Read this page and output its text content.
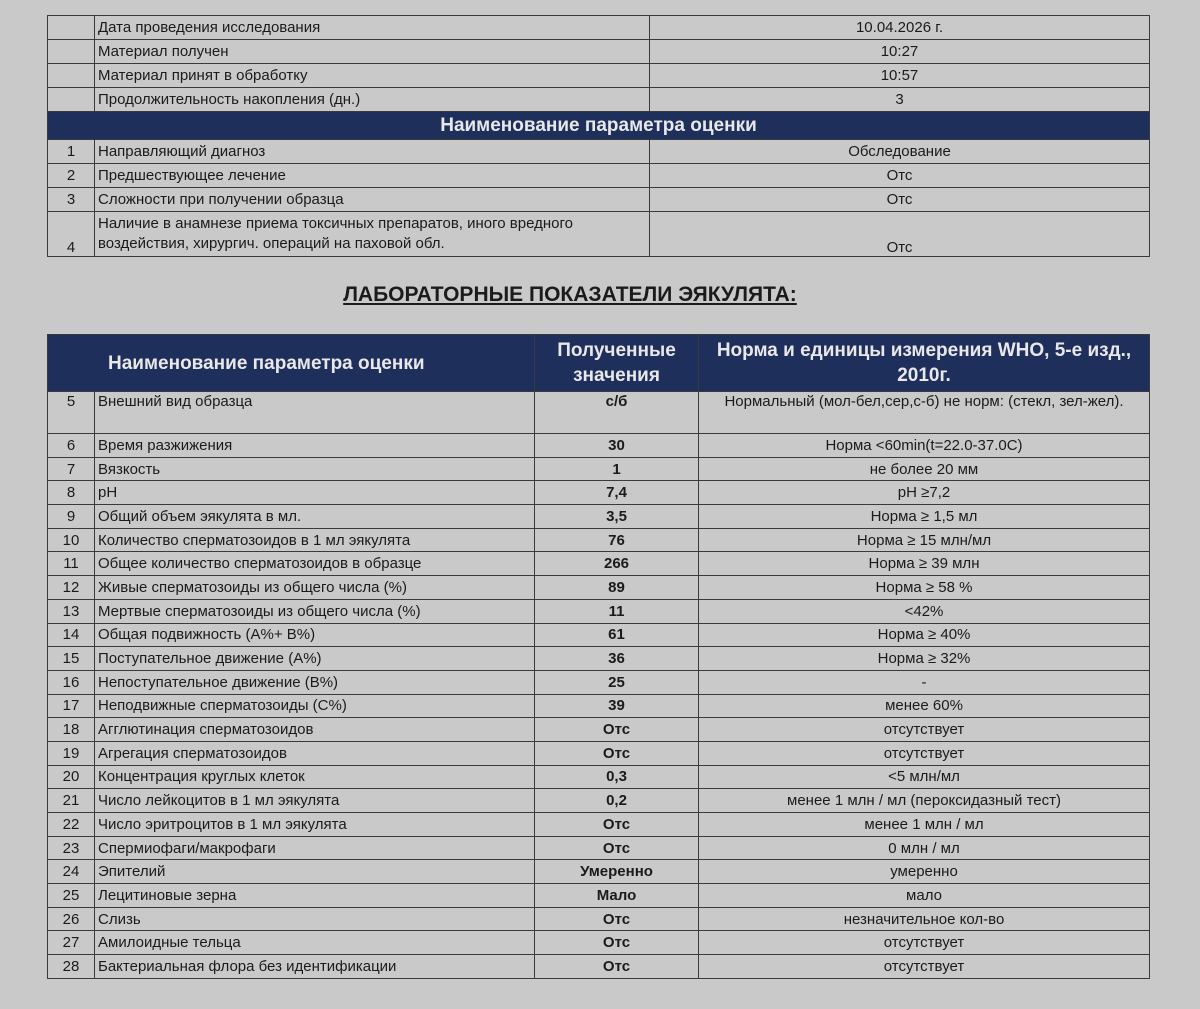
	Дата проведения исследования	10.04.2026 г.
	Материал получен	10:27
	Материал принят в обработку	10:57
	Продолжительность накопления (дн.)	3
Наименование параметра оценки		
1	Направляющий диагноз	Обследование
2	Предшествующее лечение	Отс
3	Сложности при получении образца	Отс
4	Наличие в анамнезе приема токсичных препаратов, иного вредного воздействия, хирургич. операций на паховой обл.	Отс
ЛАБОРАТОРНЫЕ ПОКАЗАТЕЛИ ЭЯКУЛЯТА:
Наименование параметра оценки		Полученные значения	Норма и единицы измерения WHO, 5-е изд., 2010г.
5	Внешний вид образца	с/б	Нормальный (мол-бел,сер,с-б) не норм: (стекл, зел-жел).
6	Время разжижения	30	Норма <60min(t=22.0-37.0C)
7	Вязкость	1	не более 20 мм
8	pH	7,4	pH ≥7,2
9	Общий объем эякулята в мл.	3,5	Норма ≥ 1,5 мл
10	Количество сперматозоидов в 1 мл эякулята	76	Норма ≥ 15 млн/мл
11	Общее количество сперматозоидов в образце	266	Норма ≥ 39 млн
12	Живые сперматозоиды из общего числа (%)	89	Норма ≥ 58 %
13	Мертвые сперматозоиды из общего числа (%)	11	<42%
14	Общая подвижность (А%+ В%)	61	Норма ≥ 40%
15	Поступательное движение (А%)	36	Норма ≥ 32%
16	Непоступательное движение (В%)	25	-
17	Неподвижные сперматозоиды (С%)	39	менее 60%
18	Агглютинация сперматозоидов	Отс	отсутствует
19	Агрегация сперматозоидов	Отс	отсутствует
20	Концентрация круглых клеток	0,3	<5 млн/мл
21	Число лейкоцитов в 1 мл эякулята	0,2	менее 1 млн / мл (пероксидазный тест)
22	Число эритроцитов в 1 мл эякулята	Отс	менее 1 млн / мл
23	Спермиофаги/макрофаги	Отс	0 млн / мл
24	Эпителий	Умеренно	умеренно
25	Лецитиновые зерна	Мало	мало
26	Слизь	Отс	незначительное кол-во
27	Амилоидные тельца	Отс	отсутствует
28	Бактериальная флора без идентификации	Отс	отсутствует
